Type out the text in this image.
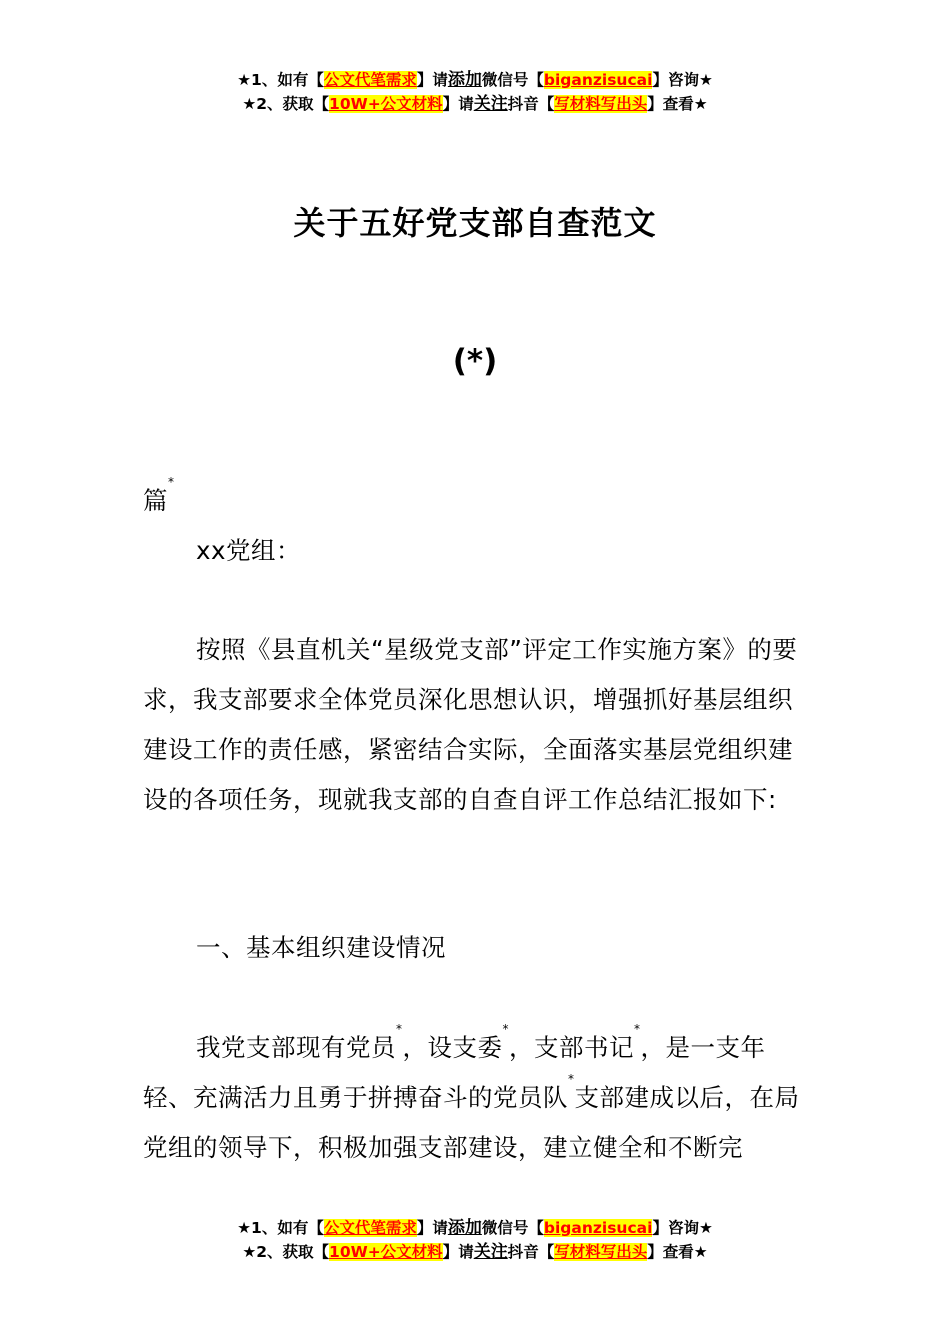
★1、如有【公文代笔需求】请添加微信号【biganzisucai】咨询★
★2、获取【10W+公文材料】请关注抖音【写材料写出头】查看★
关于五好党支部自查范文
(*)
篇*
xx党组：
按照《县直机关“星级党支部”评定工作实施方案》的要求，我支部要求全体党员深化思想认识，增强抓好基层组织建设工作的责任感，紧密结合实际，全面落实基层党组织建设的各项任务，现就我支部的自查自评工作总结汇报如下:
一、基本组织建设情况
我党支部现有党员*，设支委*，支部书记*，是一支年轻、充满活力且勇于拼搏奋斗的党员队*支部建成以后，在局党组的领导下，积极加强支部建设，建立健全和不断完
★1、如有【公文代笔需求】请添加微信号【biganzisucai】咨询★
★2、获取【10W+公文材料】请关注抖音【写材料写出头】查看★
